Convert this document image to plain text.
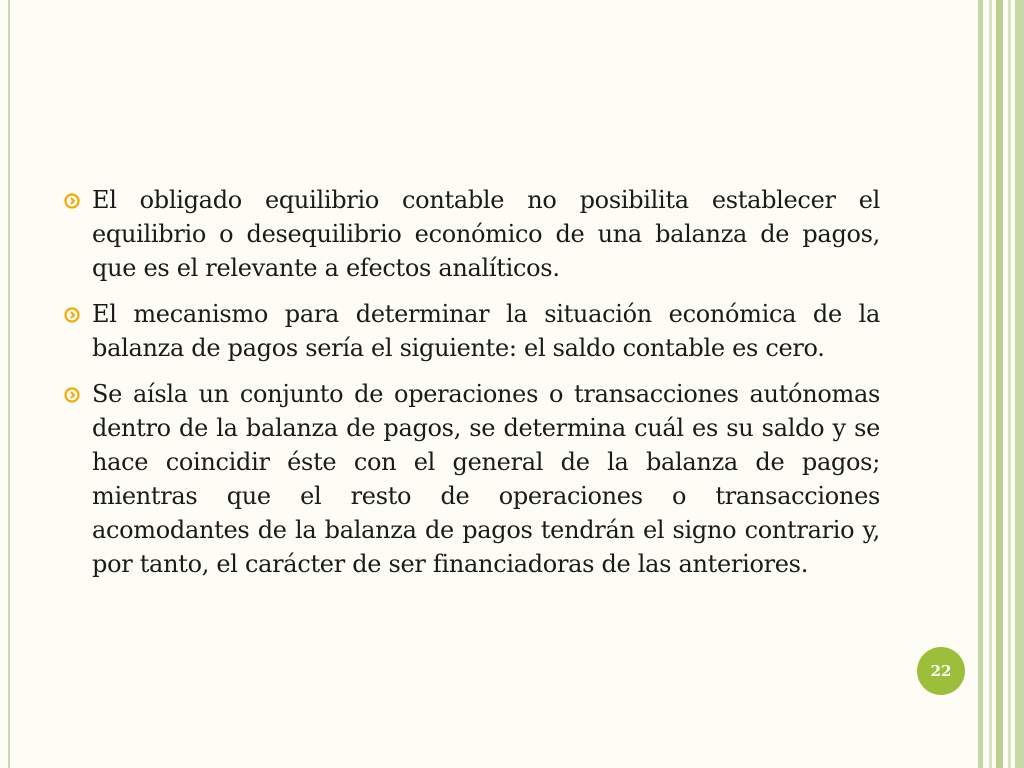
El obligado equilibrio contable no posibilita establecer el equilibrio o desequilibrio económico de una balanza de pagos, que es el relevante a efectos analíticos.
El mecanismo para determinar la situación económica de la balanza de pagos sería el siguiente: el saldo contable es cero.
Se aísla un conjunto de operaciones o transacciones autónomas dentro de la balanza de pagos, se determina cuál es su saldo y se hace coincidir éste con el general de la balanza de pagos; mientras que el resto de operaciones o transacciones acomodantes de la balanza de pagos tendrán el signo contrario y, por tanto, el carácter de ser financiadoras de las anteriores.
22
